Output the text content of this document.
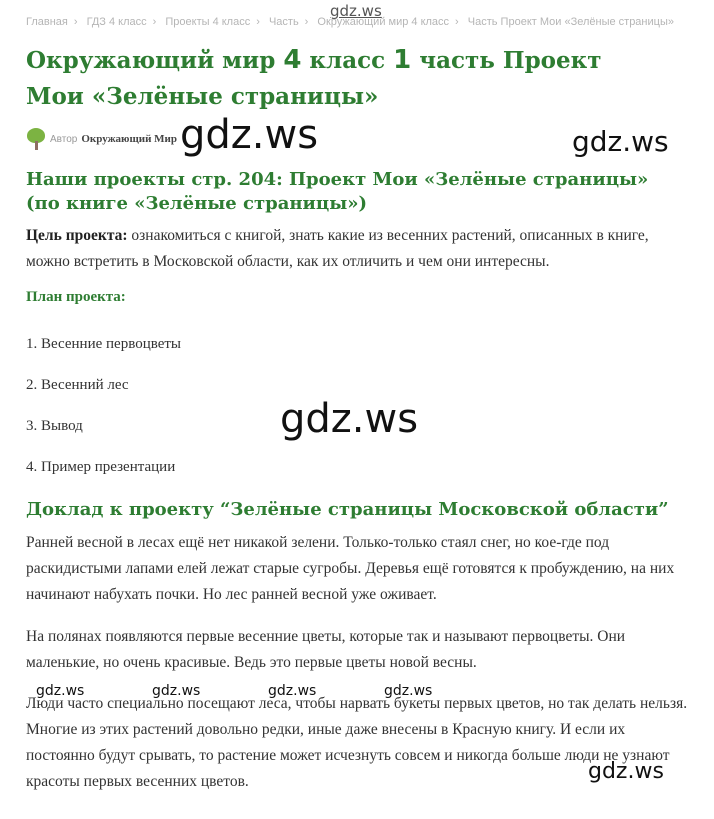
Главная › ГДЗ 4 класс › Проекты 4 класс › Часть › Окружающий мир 4 класс › Часть Проект Мои «Зелёные страницы»
gdz.ws
Окружающий мир 4 класс 1 часть Проект Мои «Зелёные страницы»
Автор Окружающий Мир
Наши проекты стр. 204: Проект Мои «Зелёные страницы» (по книге «Зелёные страницы»)

Цель проекта: ознакомиться с книгой, знать какие из весенних растений, описанных в книге, можно встретить в Московской области, как их отличить и чем они интересны.

План проекта:
1. Весенние первоцветы
2. Весенний лес
3. Вывод
4. Пример презентации
Доклад к проекту “Зелёные страницы Московской области”

Ранней весной в лесах ещё нет никакой зелени. Только-только стаял снег, но кое-где под раскидистыми лапами елей лежат старые сугробы. Деревья ещё готовятся к пробуждению, на них начинают набухать почки. Но лес ранней весной уже оживает.

На полянах появляются первые весенние цветы, которые так и называют первоцветы. Они маленькие, но очень красивые. Ведь это первые цветы новой весны.

Люди часто специально посещают леса, чтобы нарвать букеты первых цветов, но так делать нельзя. Многие из этих растений довольно редки, иные даже внесены в Красную книгу. И если их постоянно будут срывать, то растение может исчезнуть совсем и никогда больше люди не узнают красоты первых весенних цветов.

gdz.ws	gdz.ws
gdz.ws
gdz.ws
gdz.ws	gdz.ws	gdz.ws	gdz.ws
